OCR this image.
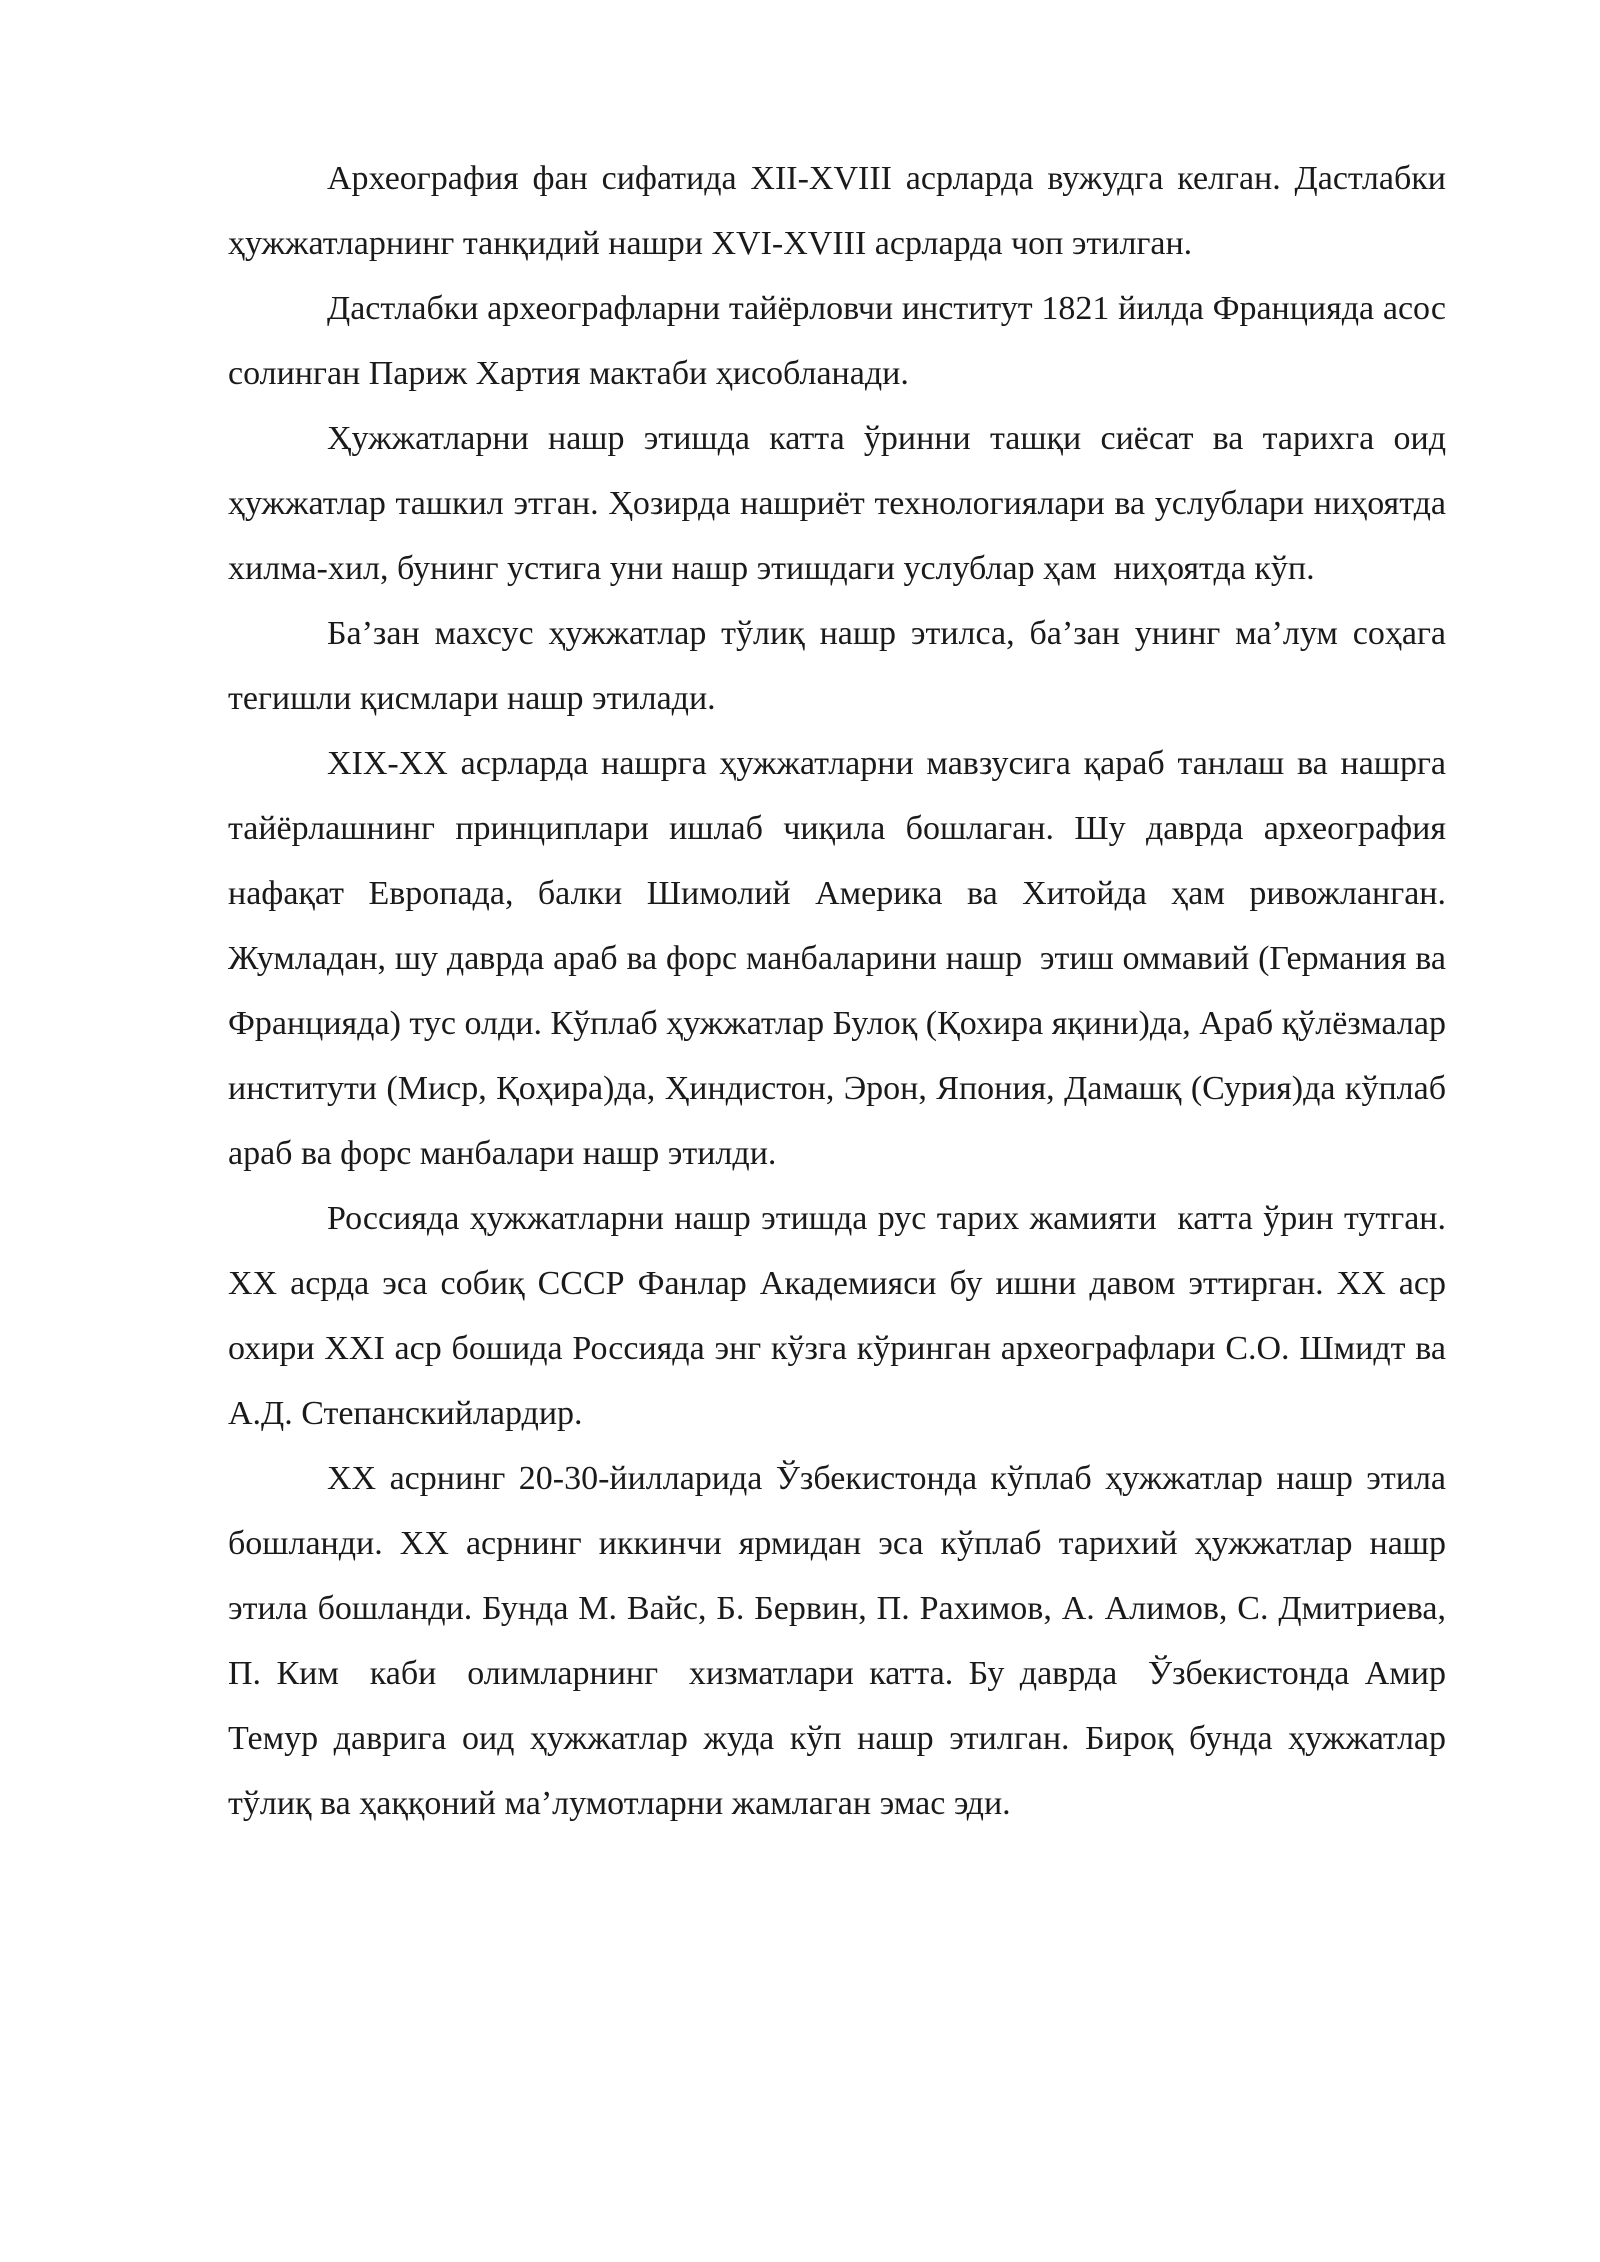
Археография фан сифатида XII-XVIII асрларда вужудга келган. Дастлабки ҳужжатларнинг танқидий нашри XVI-XVIII асрларда чоп этилган.

Дастлабки археографларни тайёрловчи институт 1821 йилда Францияда асос солинган Париж Хартия мактаби ҳисобланади.

Ҳужжатларни нашр этишда катта ўринни ташқи сиёсат ва тарихга оид ҳужжатлар ташкил этган. Ҳозирда нашриёт технологиялари ва услублари ниҳоятда хилма-хил, бунинг устига уни нашр этишдаги услублар ҳам  ниҳоятда кўп.

Ба’зан махсус ҳужжатлар тўлиқ нашр этилса, ба’зан унинг ма’лум соҳага тегишли қисмлари нашр этилади.

XIX-XX асрларда нашрга ҳужжатларни мавзусига қараб танлаш ва нашрга тайёрлашнинг принциплари ишлаб чиқила бошлаган. Шу даврда археография нафақат Европада, балки Шимолий Америка ва Хитойда ҳам ривожланган. Жумладан, шу даврда араб ва форс манбаларини нашр  этиш оммавий (Германия ва Францияда) тус олди. Кўплаб ҳужжатлар Булоқ (Қохира яқини)да, Араб қўлёзмалар институти (Миср, Қоҳира)да, Ҳиндистон, Эрон, Япония, Дамашқ (Сурия)да кўплаб араб ва форс манбалари нашр этилди.

Россияда ҳужжатларни нашр этишда рус тарих жамияти  катта ўрин тутган. XX асрда эса собиқ СССР Фанлар Академияси бу ишни давом эттирган. XX аср охири XXI аср бошида Россияда энг кўзга кўринган археографлари С.О. Шмидт ва А.Д. Степанскийлардир.

XX асрнинг 20-30-йилларида Ўзбекистонда кўплаб ҳужжатлар нашр этила бошланди. XX асрнинг иккинчи ярмидан эса кўплаб тарихий ҳужжатлар нашр этила бошланди. Бунда М. Вайс, Б. Бервин, П. Рахимов, А. Алимов, С. Дмитриева,  П. Ким  каби  олимларнинг  хизматлари катта. Бу даврда  Ўзбекистонда Амир Темур даврига оид ҳужжатлар жуда кўп нашр этилган. Бироқ бунда ҳужжатлар тўлиқ ва ҳаққоний ма’лумотларни жамлаган эмас эди.
